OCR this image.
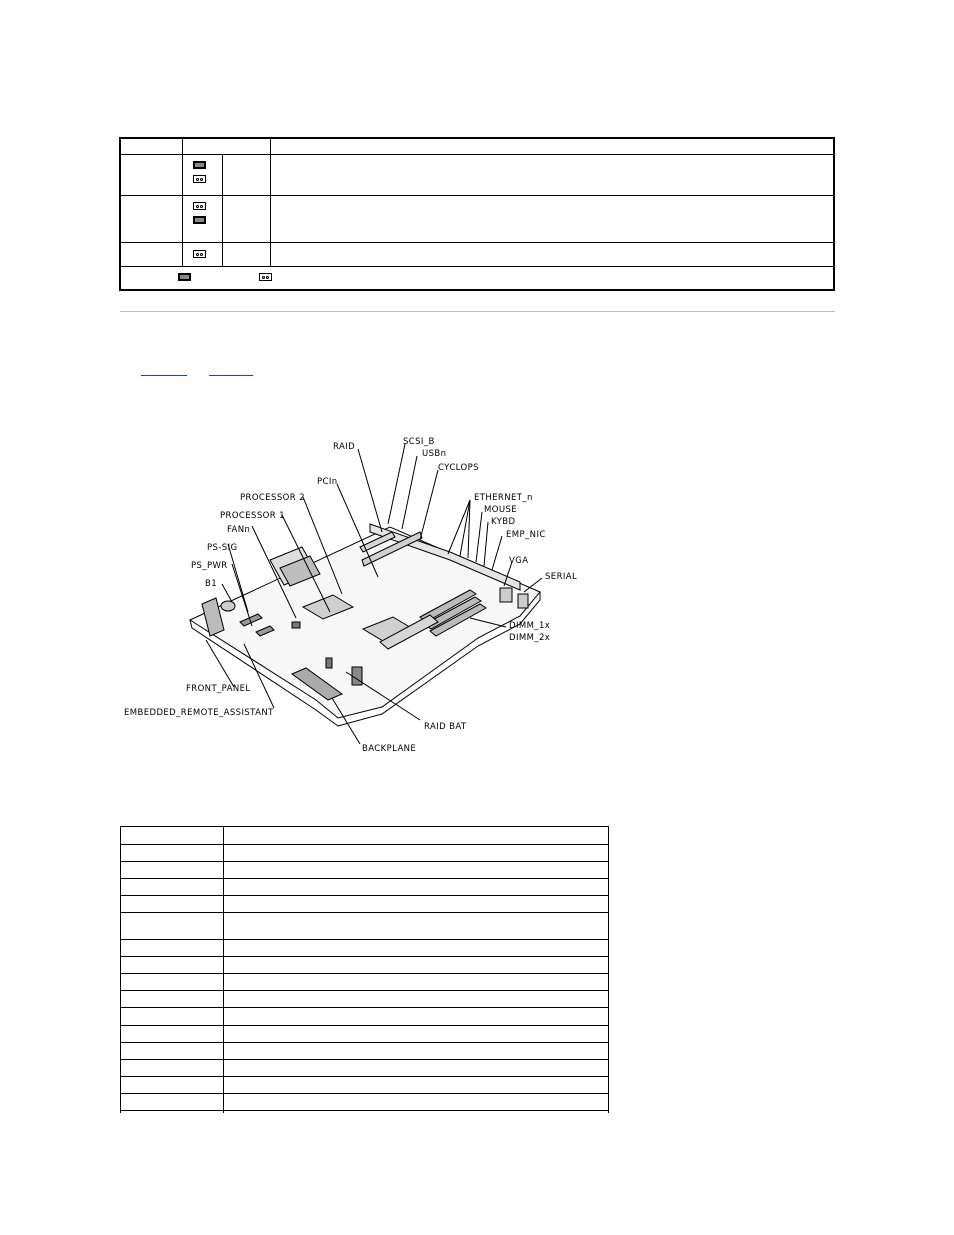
RAID	SCSI_B
USBn
CYCLOPS
PCIn
PROCESSOR 2
PROCESSOR 1
FANn
PS-SIG
PS_PWR
B1
ETHERNET_n
MOUSE
KYBD
EMP_NIC
VGA
SERIAL
DIMM_1x
DIMM_2x
FRONT_PANEL
EMBEDDED_REMOTE_ASSISTANT
RAID BAT
BACKPLANE
